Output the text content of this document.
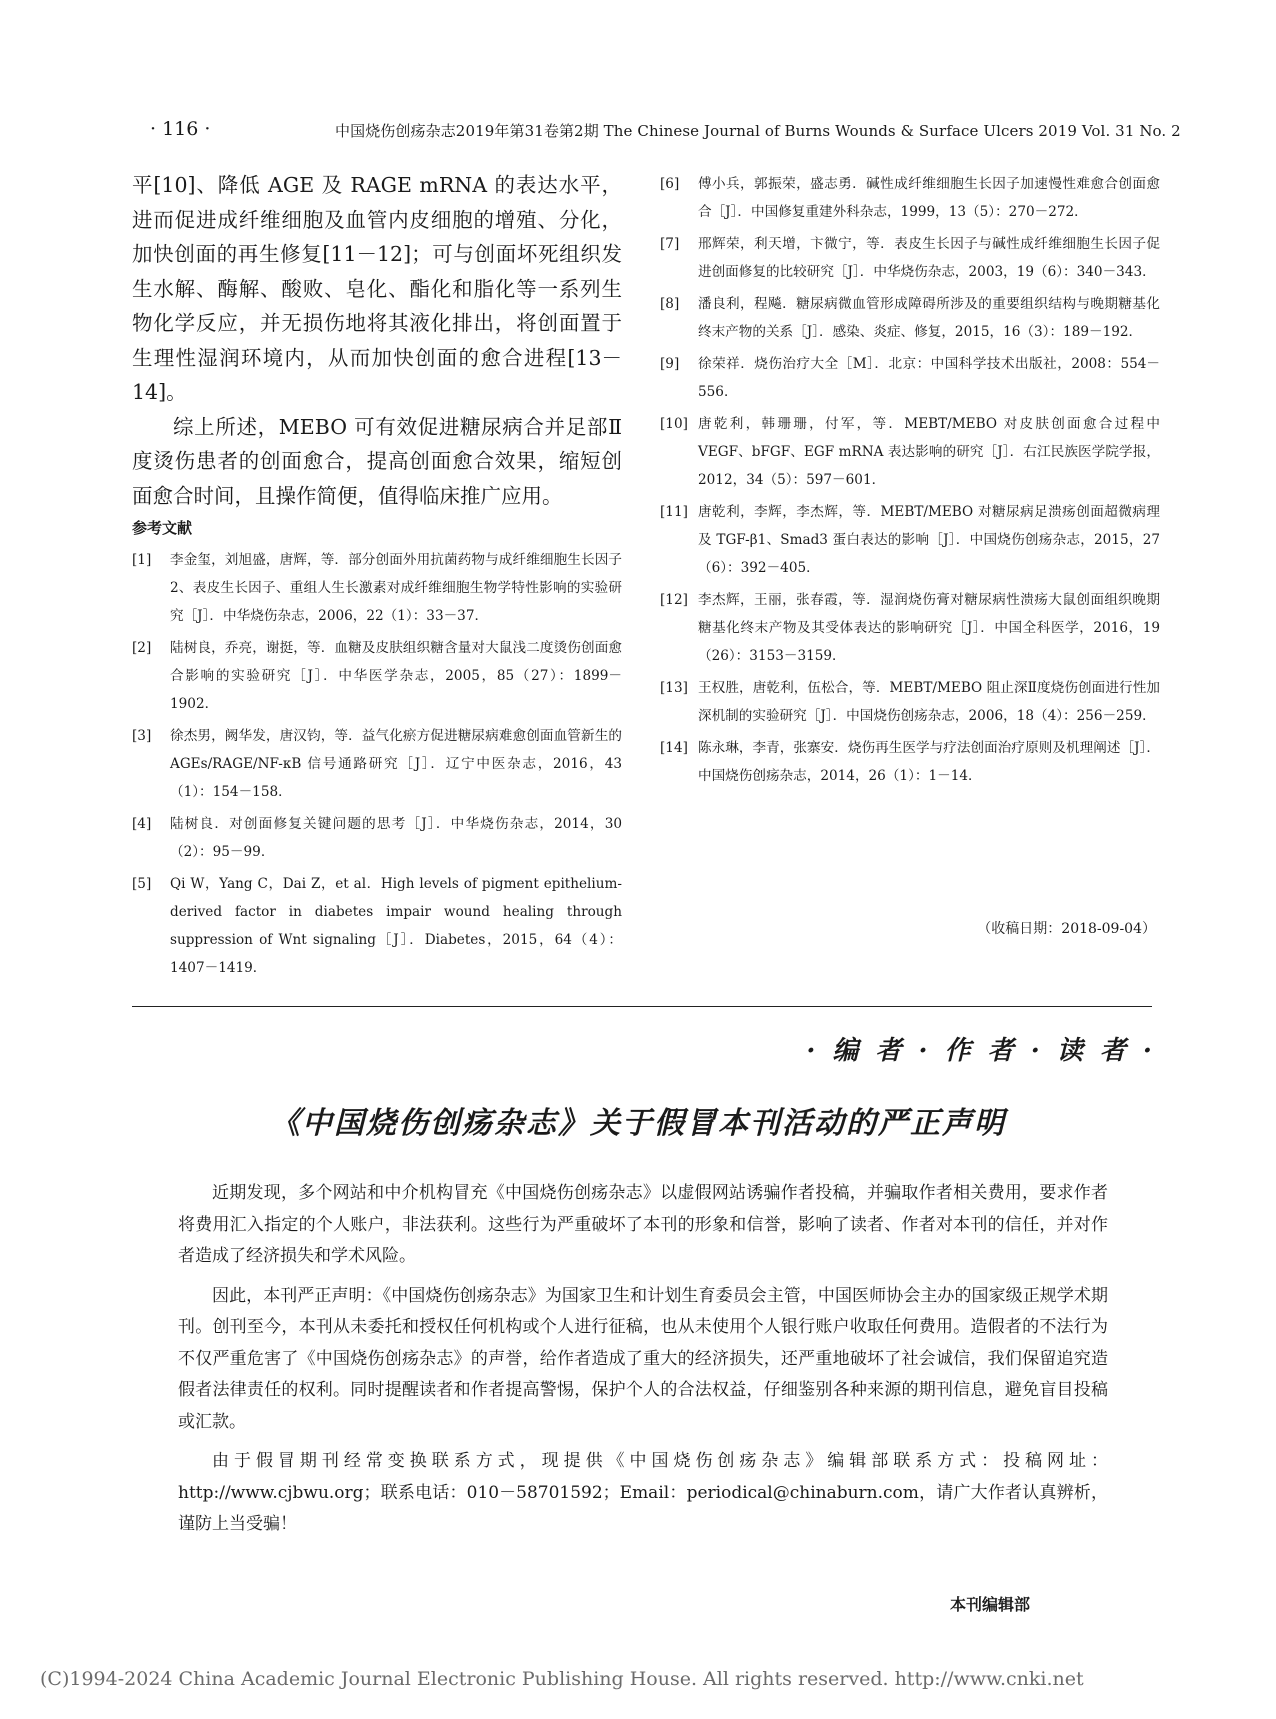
· 116 ·	中国烧伤创疡杂志2019年第31卷第2期 The Chinese Journal of Burns Wounds & Surface Ulcers 2019 Vol. 31 No. 2

平[10]、降低 AGE 及 RAGE mRNA 的表达水平，进而促进成纤维细胞及血管内皮细胞的增殖、分化，加快创面的再生修复[11－12]；可与创面坏死组织发生水解、酶解、酸败、皂化、酯化和脂化等一系列生物化学反应，并无损伤地将其液化排出，将创面置于生理性湿润环境内，从而加快创面的愈合进程[13－14]。

综上所述，MEBO 可有效促进糖尿病合并足部Ⅱ度烫伤患者的创面愈合，提高创面愈合效果，缩短创面愈合时间，且操作简便，值得临床推广应用。

参考文献
[1]	李金玺，刘旭盛，唐辉，等．部分创面外用抗菌药物与成纤维细胞生长因子2、表皮生长因子、重组人生长激素对成纤维细胞生物学特性影响的实验研究［J］．中华烧伤杂志，2006，22（1）：33－37．
[2]	陆树良，乔亮，谢挺，等．血糖及皮肤组织糖含量对大鼠浅二度烫伤创面愈合影响的实验研究［J］．中华医学杂志，2005，85（27）：1899－1902．
[3]	徐杰男，阙华发，唐汉钧，等．益气化瘀方促进糖尿病难愈创面血管新生的 AGEs/RAGE/NF-κB 信号通路研究［J］．辽宁中医杂志，2016，43（1）：154－158．
[4]	陆树良．对创面修复关键问题的思考［J］．中华烧伤杂志，2014，30（2）：95－99．
[5]	Qi W，Yang C，Dai Z，et al．High levels of pigment epithelium-derived factor in diabetes impair wound healing through suppression of Wnt signaling［J］．Diabetes，2015，64（4）：1407－1419．
[6]	傅小兵，郭振荣，盛志勇．碱性成纤维细胞生长因子加速慢性难愈合创面愈合［J］．中国修复重建外科杂志，1999，13（5）：270－272．
[7]	邢辉荣，利天增，卞微宁，等．表皮生长因子与碱性成纤维细胞生长因子促进创面修复的比较研究［J］．中华烧伤杂志，2003，19（6）：340－343．
[8]	潘良利，程飚．糖尿病微血管形成障碍所涉及的重要组织结构与晚期糖基化终末产物的关系［J］．感染、炎症、修复，2015，16（3）：189－192．
[9]	徐荣祥．烧伤治疗大全［M］．北京：中国科学技术出版社，2008：554－556．
[10] 唐乾利，韩珊珊，付军，等．MEBT/MEBO 对皮肤创面愈合过程中 VEGF、bFGF、EGF mRNA 表达影响的研究［J］．右江民族医学院学报，2012，34（5）：597－601．
[11] 唐乾利，李辉，李杰辉，等．MEBT/MEBO 对糖尿病足溃疡创面超微病理及 TGF-β1、Smad3 蛋白表达的影响［J］．中国烧伤创疡杂志，2015，27（6）：392－405．
[12] 李杰辉，王丽，张春霞，等．湿润烧伤膏对糖尿病性溃疡大鼠创面组织晚期糖基化终末产物及其受体表达的影响研究［J］．中国全科医学，2016，19（26）：3153－3159．
[13] 王权胜，唐乾利，伍松合，等．MEBT/MEBO 阻止深Ⅱ度烧伤创面进行性加深机制的实验研究［J］．中国烧伤创疡杂志，2006，18（4）：256－259．
[14] 陈永琳，李青，张寨安．烧伤再生医学与疗法创面治疗原则及机理阐述［J］．中国烧伤创疡杂志，2014，26（1）：1－14．
（收稿日期：2018-09-04）
· 编 者 · 作 者 · 读 者 ·
《中国烧伤创疡杂志》关于假冒本刊活动的严正声明

近期发现，多个网站和中介机构冒充《中国烧伤创疡杂志》以虚假网站诱骗作者投稿，并骗取作者相关费用，要求作者将费用汇入指定的个人账户，非法获利。这些行为严重破坏了本刊的形象和信誉，影响了读者、作者对本刊的信任，并对作者造成了经济损失和学术风险。

因此，本刊严正声明：《中国烧伤创疡杂志》为国家卫生和计划生育委员会主管，中国医师协会主办的国家级正规学术期刊。创刊至今，本刊从未委托和授权任何机构或个人进行征稿，也从未使用个人银行账户收取任何费用。造假者的不法行为不仅严重危害了《中国烧伤创疡杂志》的声誉，给作者造成了重大的经济损失，还严重地破坏了社会诚信，我们保留追究造假者法律责任的权利。同时提醒读者和作者提高警惕，保护个人的合法权益，仔细鉴别各种来源的期刊信息，避免盲目投稿或汇款。

由于假冒期刊经常变换联系方式，现提供《中国烧伤创疡杂志》编辑部联系方式：投稿网址：http://www.cjbwu.org；联系电话：010－58701592；Email：periodical@chinaburn.com，请广大作者认真辨析，谨防上当受骗！

本刊编辑部
(C)1994-2024 China Academic Journal Electronic Publishing House. All rights reserved. http://www.cnki.net
